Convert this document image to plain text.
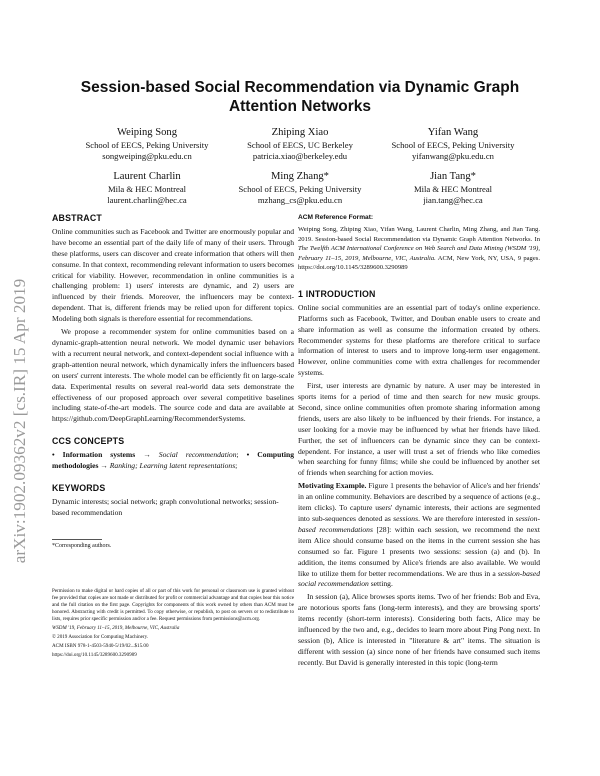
arXiv:1902.09362v2 [cs.IR] 15 Apr 2019
Session-based Social Recommendation via Dynamic Graph
Attention Networks
Weiping Song
School of EECS, Peking University
songweiping@pku.edu.cn
Zhiping Xiao
School of EECS, UC Berkeley
patricia.xiao@berkeley.edu
Yifan Wang
School of EECS, Peking University
yifanwang@pku.edu.cn
Laurent Charlin
Mila & HEC Montreal
laurent.charlin@hec.ca
Ming Zhang*
School of EECS, Peking University
mzhang_cs@pku.edu.cn
Jian Tang*
Mila & HEC Montreal
jian.tang@hec.ca
ABSTRACT

Online communities such as Facebook and Twitter are enormously popular and have become an essential part of the daily life of many of their users. Through these platforms, users can discover and create information that others will then consume. In that context, recommending relevant information to users becomes critical for viability. However, recommendation in online communities is a challenging problem: 1) users' interests are dynamic, and 2) users are influenced by their friends. Moreover, the influencers may be context-dependent. That is, different friends may be relied upon for different topics. Modeling both signals is therefore essential for recommendations.

We propose a recommender system for online communities based on a dynamic-graph-attention neural network. We model dynamic user behaviors with a recurrent neural network, and context-dependent social influence with a graph-attention neural network, which dynamically infers the influencers based on users' current interests. The whole model can be efficiently fit on large-scale data. Experimental results on several real-world data sets demonstrate the effectiveness of our proposed approach over several competitive baselines including state-of-the-art models. The source code and data are available at https://github.com/DeepGraphLearning/RecommenderSystems.

CCS CONCEPTS

• Information systems → Social recommendation; • Computing methodologies → Ranking; Learning latent representations;

KEYWORDS

Dynamic interests; social network; graph convolutional networks; session-based recommendation

*Corresponding authors.

Permission to make digital or hard copies of all or part of this work for personal or classroom use is granted without fee provided that copies are not made or distributed for profit or commercial advantage and that copies bear this notice and the full citation on the first page. Copyrights for components of this work owned by others than ACM must be honored. Abstracting with credit is permitted. To copy otherwise, or republish, to post on servers or to redistribute to lists, requires prior specific permission and/or a fee. Request permissions from permissions@acm.org.

WSDM '19, February 11–15, 2019, Melbourne, VIC, Australia

© 2019 Association for Computing Machinery.

ACM ISBN 978-1-4503-5940-5/19/02...$15.00

https://doi.org/10.1145/3289600.3290989

ACM Reference Format:

Weiping Song, Zhiping Xiao, Yifan Wang, Laurent Charlin, Ming Zhang, and Jian Tang. 2019. Session-based Social Recommendation via Dynamic Graph Attention Networks. In The Twelfth ACM International Conference on Web Search and Data Mining (WSDM '19), February 11–15, 2019, Melbourne, VIC, Australia. ACM, New York, NY, USA, 9 pages. https://doi.org/10.1145/3289600.3290989

1 INTRODUCTION

Online social communities are an essential part of today's online experience. Platforms such as Facebook, Twitter, and Douban enable users to create and share information as well as consume the information created by others. Recommender systems for these platforms are therefore critical to surface information of interest to users and to improve long-term user engagement. However, online communities come with extra challenges for recommender systems.

First, user interests are dynamic by nature. A user may be interested in sports items for a period of time and then search for new music groups. Second, since online communities often promote sharing information among friends, users are also likely to be influenced by their friends. For instance, a user looking for a movie may be influenced by what her friends have liked. Further, the set of influencers can be dynamic since they can be context-dependent. For instance, a user will trust a set of friends who like comedies when searching for funny films; while she could be influenced by another set of friends when searching for action movies.

Motivating Example. Figure 1 presents the behavior of Alice's and her friends' in an online community. Behaviors are described by a sequence of actions (e.g., item clicks). To capture users' dynamic interests, their actions are segmented into sub-sequences denoted as sessions. We are therefore interested in session-based recommendations [28]: within each session, we recommend the next item Alice should consume based on the items in the current session she has consumed so far. Figure 1 presents two sessions: session (a) and (b). In addition, the items consumed by Alice's friends are also available. We would like to utilize them for better recommendations. We are thus in a session-based social recommendation setting.

In session (a), Alice browses sports items. Two of her friends: Bob and Eva, are notorious sports fans (long-term interests), and they are browsing sports' items recently (short-term interests). Considering both facts, Alice may be influenced by the two and, e.g., decides to learn more about Ping Pong next. In session (b), Alice is interested in "literature & art" items. The situation is different with session (a) since none of her friends have consumed such items recently. But David is generally interested in this topic (long-term
